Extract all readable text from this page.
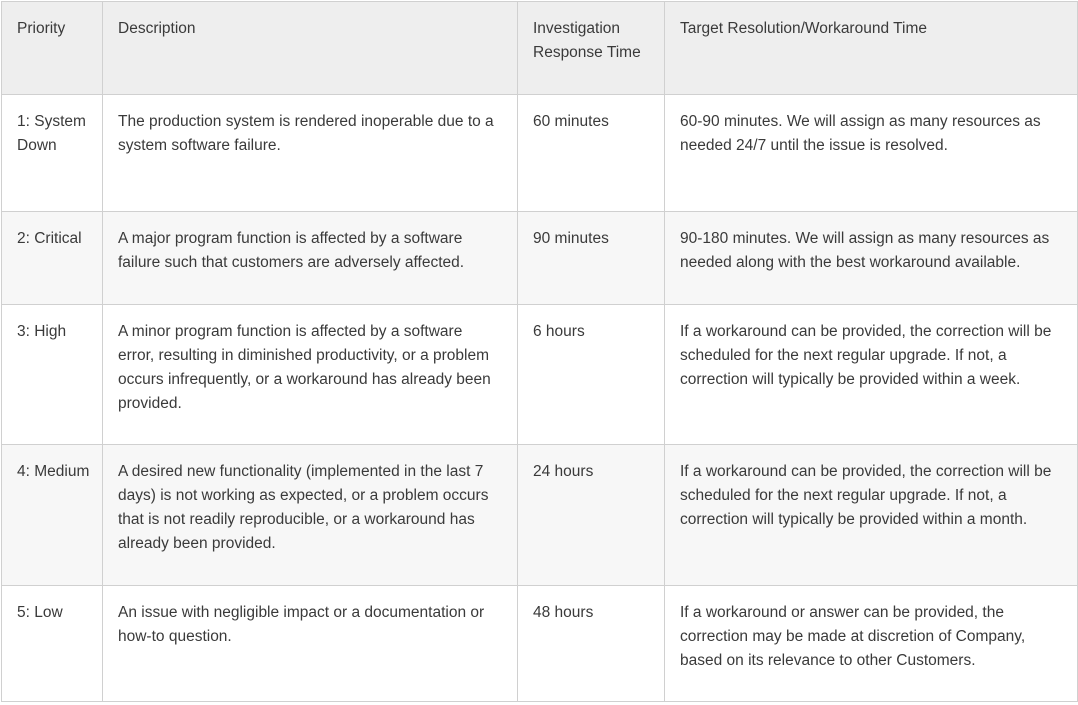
Priority	Description	Investigation Response Time	Target Resolution/Workaround Time
1: System Down	The production system is rendered inoperable due to a system software failure.	60 minutes	60-90 minutes. We will assign as many resources as needed 24/7 until the issue is resolved.
2: Critical	A major program function is affected by a software failure such that customers are adversely affected.	90 minutes	90-180 minutes. We will assign as many resources as needed along with the best workaround available.
3: High	A minor program function is affected by a software error, resulting in diminished productivity, or a problem occurs infrequently, or a workaround has already been provided.	6 hours	If a workaround can be provided, the correction will be scheduled for the next regular upgrade. If not, a correction will typically be provided within a week.
4: Medium	A desired new functionality (implemented in the last 7 days) is not working as expected, or a problem occurs that is not readily reproducible, or a workaround has already been provided.	24 hours	If a workaround can be provided, the correction will be scheduled for the next regular upgrade. If not, a correction will typically be provided within a month.
5: Low	An issue with negligible impact or a documentation or how-to question.	48 hours	If a workaround or answer can be provided, the correction may be made at discretion of Company, based on its relevance to other Customers.
